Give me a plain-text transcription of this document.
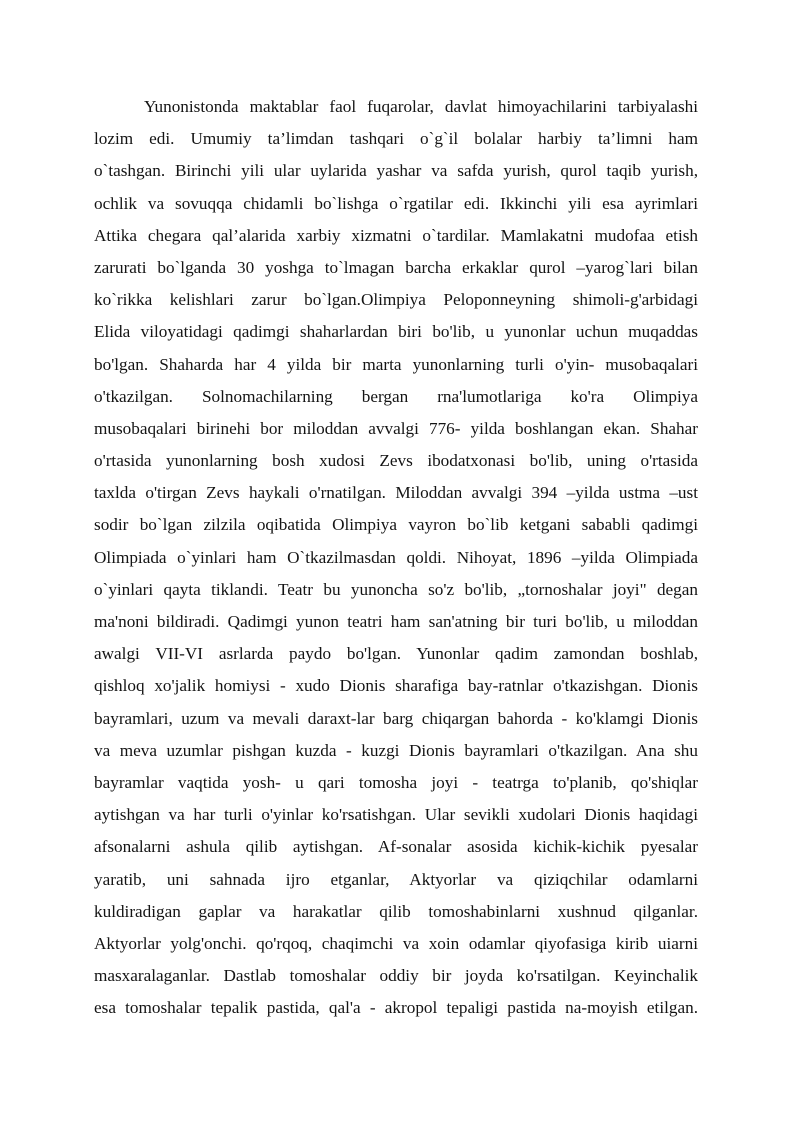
Yunonistonda maktablar faol fuqarolar, davlat himoyachilarini tarbiyalashi
lozim edi. Umumiy ta’limdan tashqari o`g`il bolalar harbiy ta’limni ham
o`tashgan. Birinchi yili ular uylarida yashar va safda yurish, qurol taqib yurish,
ochlik va sovuqqa chidamli bo`lishga o`rgatilar edi. Ikkinchi yili esa ayrimlari
Attika chegara qal’alarida xarbiy xizmatni o`tardilar. Mamlakatni mudofaa etish
zarurati bo`lganda 30 yoshga to`lmagan barcha erkaklar qurol –yarog`lari bilan
ko`rikka kelishlari zarur bo`lgan.Olimpiya Peloponneyning shimoli-g'arbidagi
Elida viloyatidagi qadimgi shaharlardan biri bo'lib, u yunonlar uchun muqaddas
bo'lgan. Shaharda har 4 yilda bir marta yunonlarning turli o'yin- musobaqalari
o'tkazilgan. Solnomachilarning bergan rna'lumotlariga ko'ra Olimpiya
musobaqalari birinehi bor miloddan avvalgi 776- yilda boshlangan ekan. Shahar
o'rtasida yunonlarning bosh xudosi Zevs ibodatxonasi bo'lib, uning o'rtasida
taxlda o'tirgan Zevs haykali o'rnatilgan. Miloddan avvalgi 394 –yilda ustma –ust
sodir bo`lgan zilzila oqibatida Olimpiya vayron bo`lib ketgani sababli qadimgi
Olimpiada o`yinlari ham O`tkazilmasdan qoldi. Nihoyat, 1896 –yilda Olimpiada
o`yinlari qayta tiklandi. Teatr bu yunoncha so'z bo'lib, „tornoshalar joyi" degan
ma'noni bildiradi. Qadimgi yunon teatri ham san'atning bir turi bo'lib, u miloddan
awalgi VII-VI asrlarda paydo bo'lgan. Yunonlar qadim zamondan boshlab,
qishloq xo'jalik homiysi - xudo Dionis sharafiga bay-ratnlar o'tkazishgan. Dionis
bayramlari, uzum va mevali daraxt-lar barg chiqargan bahorda - ko'klamgi Dionis
va meva uzumlar pishgan kuzda - kuzgi Dionis bayramlari o'tkazilgan. Ana shu
bayramlar vaqtida yosh- u qari tomosha joyi - teatrga to'planib, qo'shiqlar
aytishgan va har turli o'yinlar ko'rsatishgan. Ular sevikli xudolari Dionis haqidagi
afsonalarni ashula qilib aytishgan. Af-sonalar asosida kichik-kichik pyesalar
yaratib, uni sahnada ijro etganlar, Aktyorlar va qiziqchilar odamlarni
kuldiradigan gaplar va harakatlar qilib tomoshabinlarni xushnud qilganlar.
Aktyorlar yolg'onchi. qo'rqoq, chaqimchi va xoin odamlar qiyofasiga kirib uiarni
masxaralaganlar. Dastlab tomoshalar oddiy bir joyda ko'rsatilgan. Keyinchalik
esa tomoshalar tepalik pastida, qal'a - akropol tepaligi pastida na-moyish etilgan.
